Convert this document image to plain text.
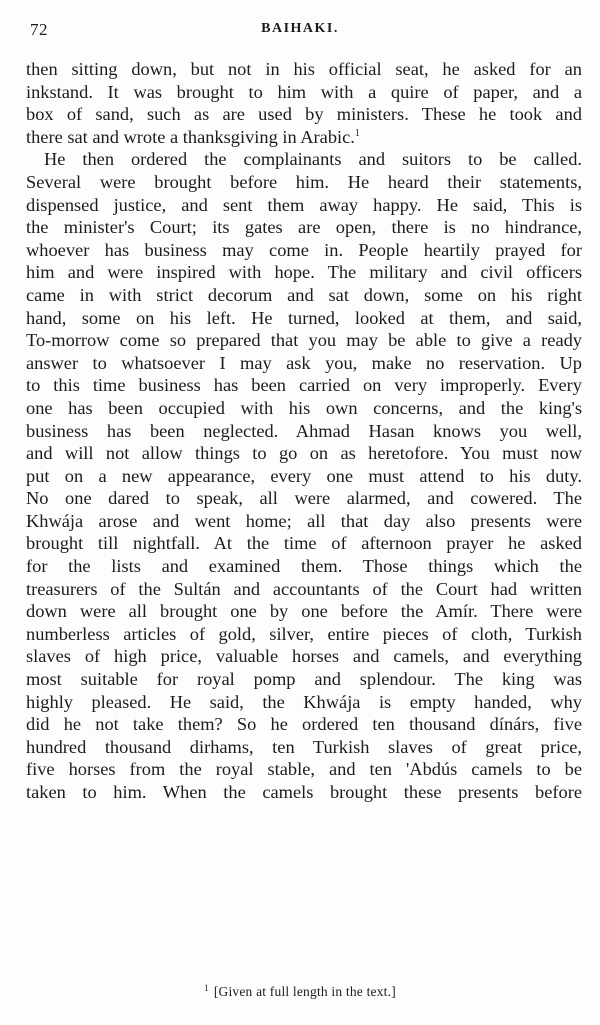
72	BAIHAKI.
then sitting down, but not in his official seat, he asked for an
inkstand. It was brought to him with a quire of paper, and a
box of sand, such as are used by ministers. These he took and
there sat and wrote a thanksgiving in Arabic.$^1$
He then ordered the complainants and suitors to be called.
Several were brought before him. He heard their statements,
dispensed justice, and sent them away happy. He said, This is
the minister's Court; its gates are open, there is no hindrance,
whoever has business may come in. People heartily prayed for
him and were inspired with hope. The military and civil officers
came in with strict decorum and sat down, some on his right
hand, some on his left. He turned, looked at them, and said,
To-morrow come so prepared that you may be able to give a ready
answer to whatsoever I may ask you, make no reservation. Up
to this time business has been carried on very improperly. Every
one has been occupied with his own concerns, and the king's
business has been neglected. Ahmad Hasan knows you well,
and will not allow things to go on as heretofore. You must now
put on a new appearance, every one must attend to his duty.
No one dared to speak, all were alarmed, and cowered. The
Khwája arose and went home; all that day also presents were
brought till nightfall. At the time of afternoon prayer he asked
for the lists and examined them. Those things which the
treasurers of the Sultán and accountants of the Court had written
down were all brought one by one before the Amír. There were
numberless articles of gold, silver, entire pieces of cloth, Turkish
slaves of high price, valuable horses and camels, and everything
most suitable for royal pomp and splendour. The king was
highly pleased. He said, the Khwája is empty handed, why
did he not take them? So he ordered ten thousand dínárs, five
hundred thousand dirhams, ten Turkish slaves of great price,
five horses from the royal stable, and ten 'Abdús camels to be
taken to him. When the camels brought these presents before
$^1$ [Given at full length in the text.]
